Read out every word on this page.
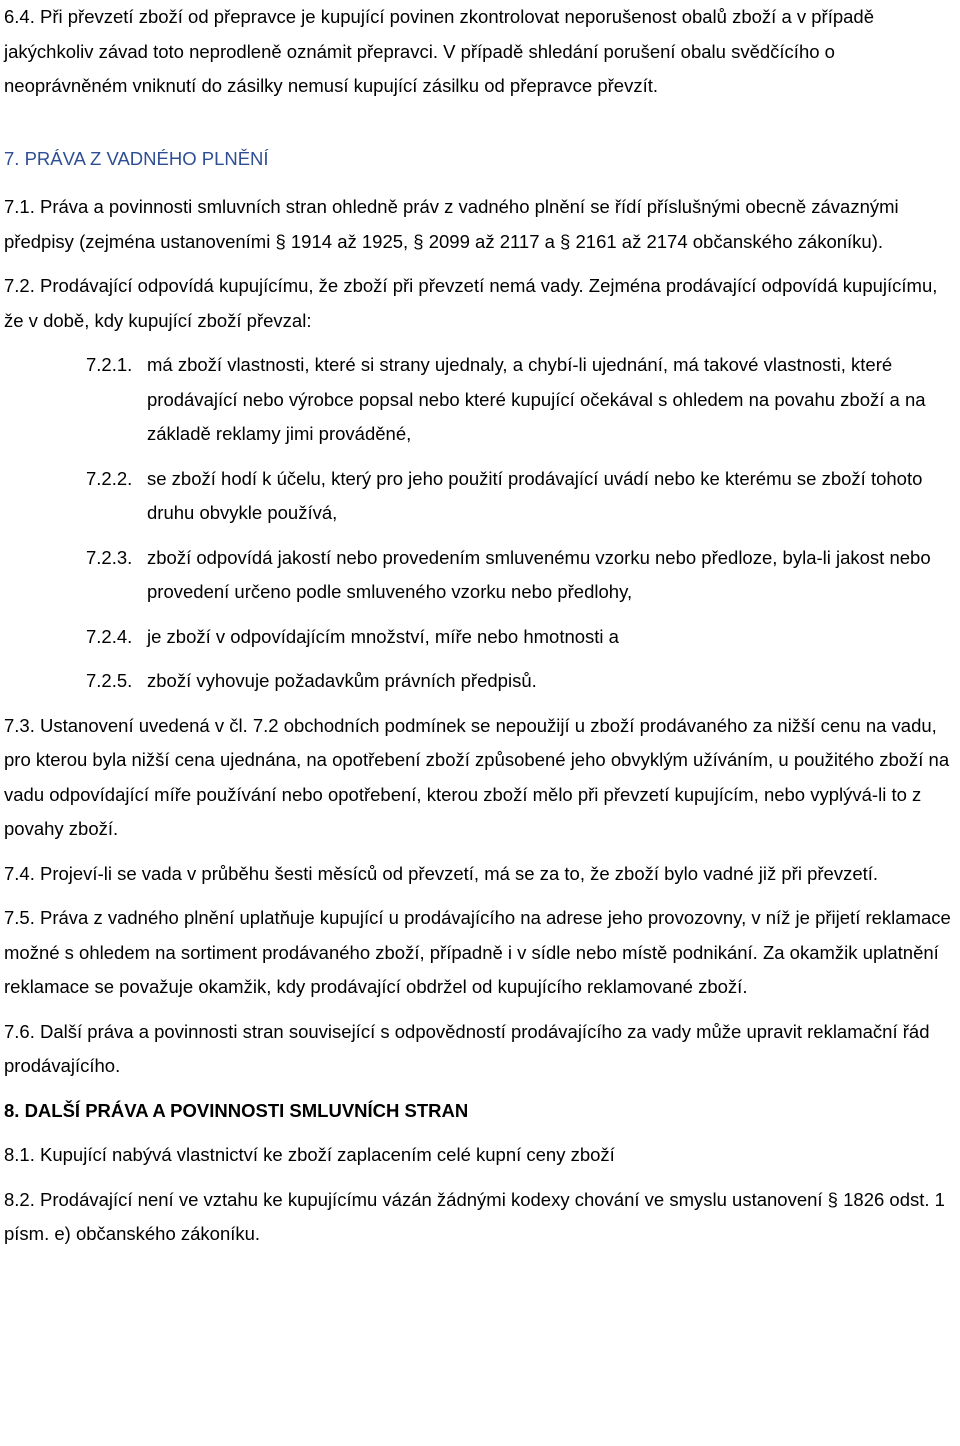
6.4. Při převzetí zboží od přepravce je kupující povinen zkontrolovat neporušenost obalů zboží a v případě jakýchkoliv závad toto neprodleně oznámit přepravci. V případě shledání porušení obalu svědčícího o neoprávněném vniknutí do zásilky nemusí kupující zásilku od přepravce převzít.

7. PRÁVA Z VADNÉHO PLNĚNÍ

7.1. Práva a povinnosti smluvních stran ohledně práv z vadného plnění se řídí příslušnými obecně závaznými předpisy (zejména ustanoveními § 1914 až 1925, § 2099 až 2117 a § 2161 až 2174 občanského zákoníku).

7.2. Prodávající odpovídá kupujícímu, že zboží při převzetí nemá vady. Zejména prodávající odpovídá kupujícímu, že v době, kdy kupující zboží převzal:

7.2.1. má zboží vlastnosti, které si strany ujednaly, a chybí-li ujednání, má takové vlastnosti, které prodávající nebo výrobce popsal nebo které kupující očekával s ohledem na povahu zboží a na základě reklamy jimi prováděné,
7.2.2. se zboží hodí k účelu, který pro jeho použití prodávající uvádí nebo ke kterému se zboží tohoto druhu obvykle používá,
7.2.3. zboží odpovídá jakostí nebo provedením smluvenému vzorku nebo předloze, byla-li jakost nebo provedení určeno podle smluveného vzorku nebo předlohy,
7.2.4. je zboží v odpovídajícím množství, míře nebo hmotnosti a
7.2.5. zboží vyhovuje požadavkům právních předpisů.

7.3. Ustanovení uvedená v čl. 7.2 obchodních podmínek se nepoužijí u zboží prodávaného za nižší cenu na vadu, pro kterou byla nižší cena ujednána, na opotřebení zboží způsobené jeho obvyklým užíváním, u použitého zboží na vadu odpovídající míře používání nebo opotřebení, kterou zboží mělo při převzetí kupujícím, nebo vyplývá-li to z povahy zboží.

7.4. Projeví-li se vada v průběhu šesti měsíců od převzetí, má se za to, že zboží bylo vadné již při převzetí.

7.5. Práva z vadného plnění uplatňuje kupující u prodávajícího na adrese jeho provozovny, v níž je přijetí reklamace možné s ohledem na sortiment prodávaného zboží, případně i v sídle nebo místě podnikání. Za okamžik uplatnění reklamace se považuje okamžik, kdy prodávající obdržel od kupujícího reklamované zboží.

7.6. Další práva a povinnosti stran související s odpovědností prodávajícího za vady může upravit reklamační řád prodávajícího.

8. DALŠÍ PRÁVA A POVINNOSTI SMLUVNÍCH STRAN

8.1. Kupující nabývá vlastnictví ke zboží zaplacením celé kupní ceny zboží

8.2. Prodávající není ve vztahu ke kupujícímu vázán žádnými kodexy chování ve smyslu ustanovení § 1826 odst. 1 písm. e) občanského zákoníku.
